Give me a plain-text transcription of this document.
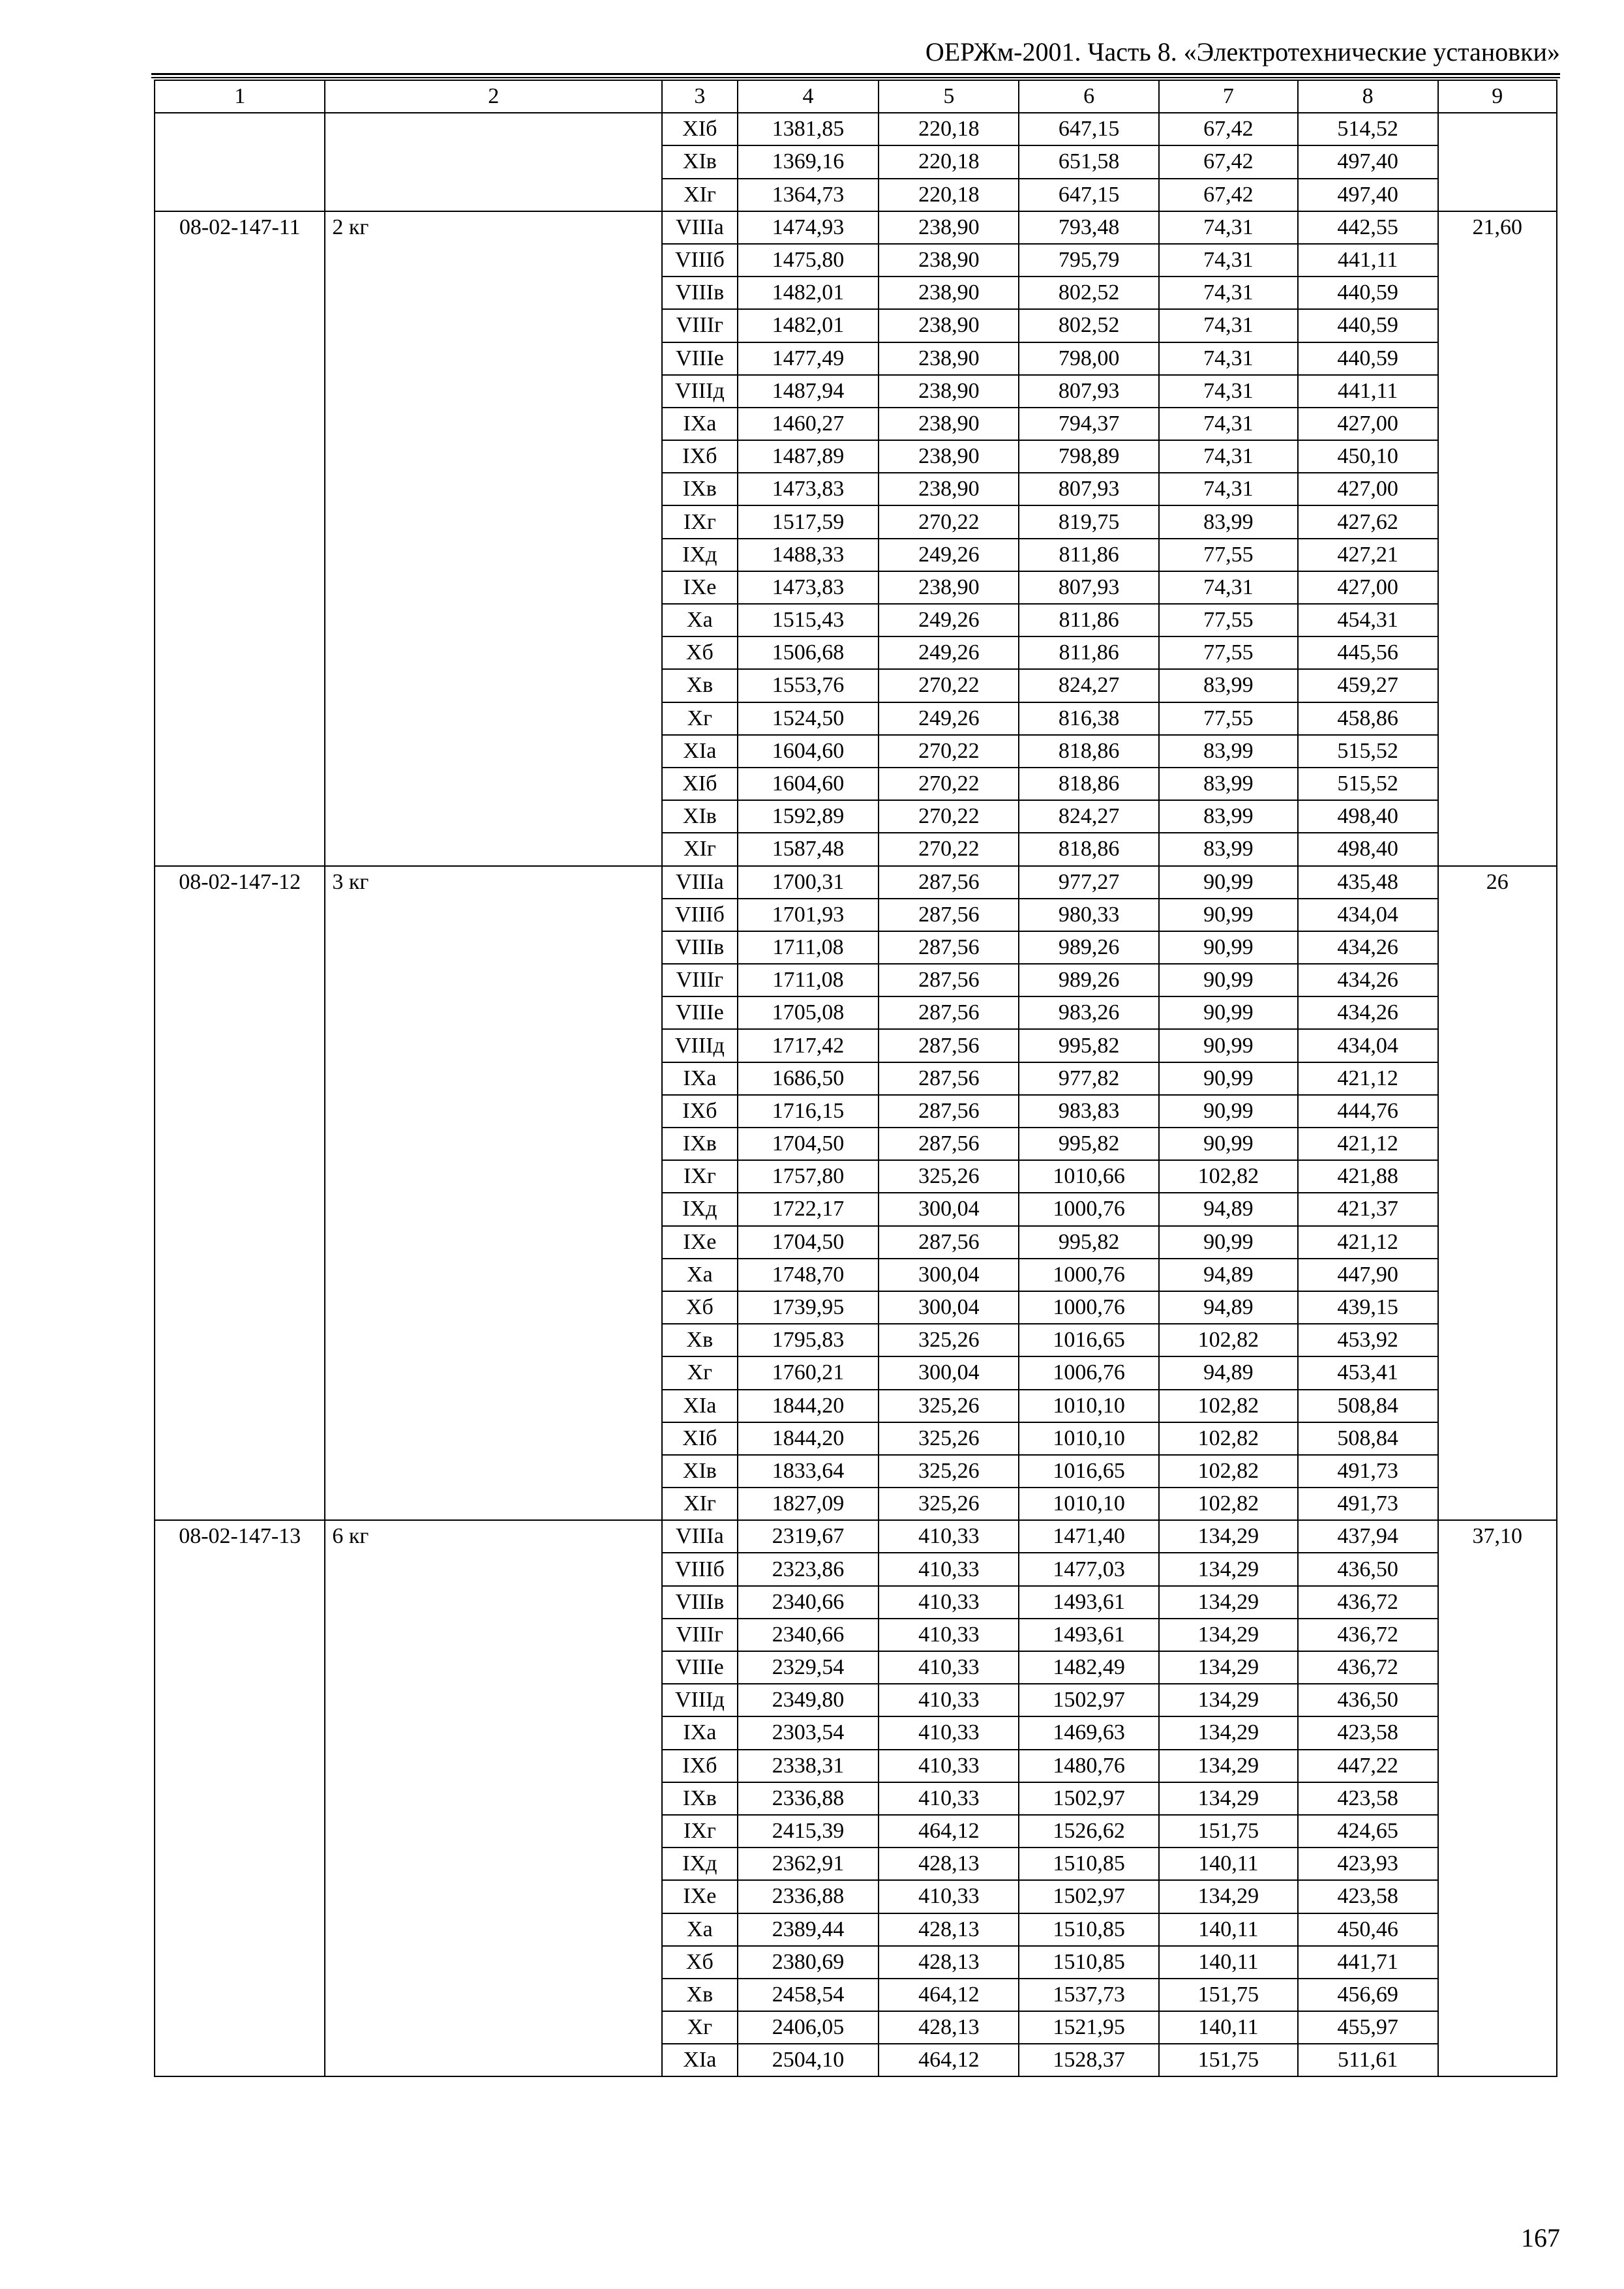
ОЕРЖм-2001. Часть 8. «Электротехнические установки»
1	2	3	4	5	6	7	8	9
		XIб	1381,85	220,18	647,15	67,42	514,52	
		XIв	1369,16	220,18	651,58	67,42	497,40	
		XIг	1364,73	220,18	647,15	67,42	497,40	
08-02-147-11	2 кг	VIIIа	1474,93	238,90	793,48	74,31	442,55	21,60
		VIIIб	1475,80	238,90	795,79	74,31	441,11	
		VIIIв	1482,01	238,90	802,52	74,31	440,59	
		VIIIг	1482,01	238,90	802,52	74,31	440,59	
		VIIIе	1477,49	238,90	798,00	74,31	440,59	
		VIIIд	1487,94	238,90	807,93	74,31	441,11	
		IXа	1460,27	238,90	794,37	74,31	427,00	
		IXб	1487,89	238,90	798,89	74,31	450,10	
		IXв	1473,83	238,90	807,93	74,31	427,00	
		IXг	1517,59	270,22	819,75	83,99	427,62	
		IXд	1488,33	249,26	811,86	77,55	427,21	
		IXе	1473,83	238,90	807,93	74,31	427,00	
		Xа	1515,43	249,26	811,86	77,55	454,31	
		Xб	1506,68	249,26	811,86	77,55	445,56	
		Xв	1553,76	270,22	824,27	83,99	459,27	
		Xг	1524,50	249,26	816,38	77,55	458,86	
		XIа	1604,60	270,22	818,86	83,99	515,52	
		XIб	1604,60	270,22	818,86	83,99	515,52	
		XIв	1592,89	270,22	824,27	83,99	498,40	
		XIг	1587,48	270,22	818,86	83,99	498,40	
08-02-147-12	3 кг	VIIIа	1700,31	287,56	977,27	90,99	435,48	26
		VIIIб	1701,93	287,56	980,33	90,99	434,04	
		VIIIв	1711,08	287,56	989,26	90,99	434,26	
		VIIIг	1711,08	287,56	989,26	90,99	434,26	
		VIIIе	1705,08	287,56	983,26	90,99	434,26	
		VIIIд	1717,42	287,56	995,82	90,99	434,04	
		IXа	1686,50	287,56	977,82	90,99	421,12	
		IXб	1716,15	287,56	983,83	90,99	444,76	
		IXв	1704,50	287,56	995,82	90,99	421,12	
		IXг	1757,80	325,26	1010,66	102,82	421,88	
		IXд	1722,17	300,04	1000,76	94,89	421,37	
		IXе	1704,50	287,56	995,82	90,99	421,12	
		Xа	1748,70	300,04	1000,76	94,89	447,90	
		Xб	1739,95	300,04	1000,76	94,89	439,15	
		Xв	1795,83	325,26	1016,65	102,82	453,92	
		Xг	1760,21	300,04	1006,76	94,89	453,41	
		XIа	1844,20	325,26	1010,10	102,82	508,84	
		XIб	1844,20	325,26	1010,10	102,82	508,84	
		XIв	1833,64	325,26	1016,65	102,82	491,73	
		XIг	1827,09	325,26	1010,10	102,82	491,73	
08-02-147-13	6 кг	VIIIа	2319,67	410,33	1471,40	134,29	437,94	37,10
		VIIIб	2323,86	410,33	1477,03	134,29	436,50	
		VIIIв	2340,66	410,33	1493,61	134,29	436,72	
		VIIIг	2340,66	410,33	1493,61	134,29	436,72	
		VIIIе	2329,54	410,33	1482,49	134,29	436,72	
		VIIIд	2349,80	410,33	1502,97	134,29	436,50	
		IXа	2303,54	410,33	1469,63	134,29	423,58	
		IXб	2338,31	410,33	1480,76	134,29	447,22	
		IXв	2336,88	410,33	1502,97	134,29	423,58	
		IXг	2415,39	464,12	1526,62	151,75	424,65	
		IXд	2362,91	428,13	1510,85	140,11	423,93	
		IXе	2336,88	410,33	1502,97	134,29	423,58	
		Xа	2389,44	428,13	1510,85	140,11	450,46	
		Xб	2380,69	428,13	1510,85	140,11	441,71	
		Xв	2458,54	464,12	1537,73	151,75	456,69	
		Xг	2406,05	428,13	1521,95	140,11	455,97	
		XIа	2504,10	464,12	1528,37	151,75	511,61	
167
